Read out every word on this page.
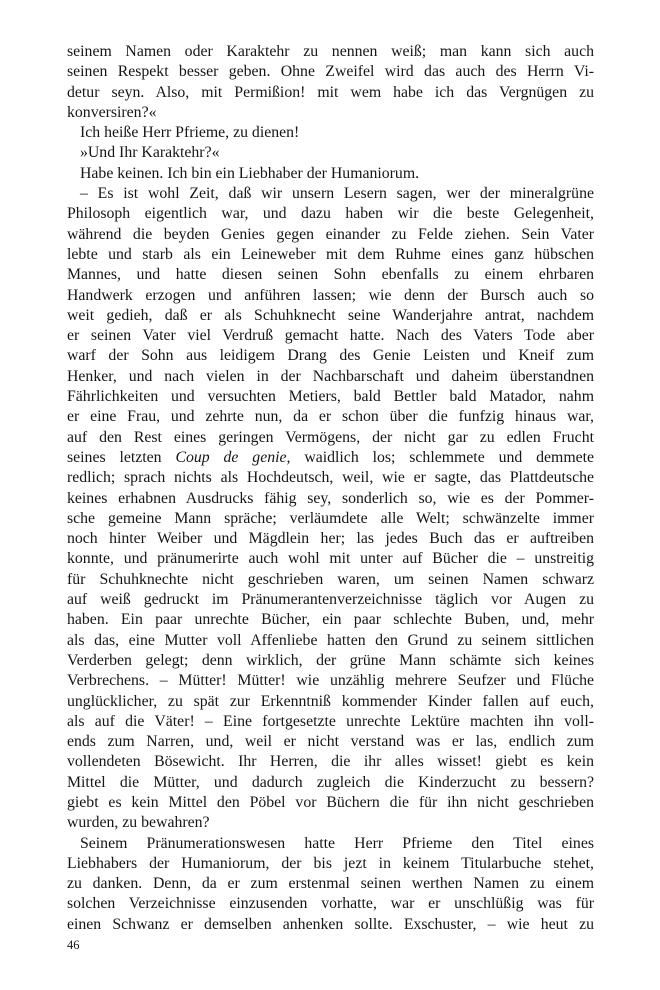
seinem Namen oder Karaktehr zu nennen weiß; man kann sich auch
seinen Respekt besser geben. Ohne Zweifel wird das auch des Herrn Vi-
detur seyn. Also, mit Permißion! mit wem habe ich das Vergnügen zu
konversiren?«
Ich heiße Herr Pfrieme, zu dienen!
»Und Ihr Karaktehr?«
Habe keinen. Ich bin ein Liebhaber der Humaniorum.
– Es ist wohl Zeit, daß wir unsern Lesern sagen, wer der mineralgrüne
Philosoph eigentlich war, und dazu haben wir die beste Gelegenheit,
während die beyden Genies gegen einander zu Felde ziehen. Sein Vater
lebte und starb als ein Leineweber mit dem Ruhme eines ganz hübschen
Mannes, und hatte diesen seinen Sohn ebenfalls zu einem ehrbaren
Handwerk erzogen und anführen lassen; wie denn der Bursch auch so
weit gedieh, daß er als Schuhknecht seine Wanderjahre antrat, nachdem
er seinen Vater viel Verdruß gemacht hatte. Nach des Vaters Tode aber
warf der Sohn aus leidigem Drang des Genie Leisten und Kneif zum
Henker, und nach vielen in der Nachbarschaft und daheim überstandnen
Fährlichkeiten und versuchten Metiers, bald Bettler bald Matador, nahm
er eine Frau, und zehrte nun, da er schon über die funfzig hinaus war,
auf den Rest eines geringen Vermögens, der nicht gar zu edlen Frucht
seines letzten Coup de genie, waidlich los; schlemmete und demmete
redlich; sprach nichts als Hochdeutsch, weil, wie er sagte, das Plattdeutsche
keines erhabnen Ausdrucks fähig sey, sonderlich so, wie es der Pommer-
sche gemeine Mann spräche; verläumdete alle Welt; schwänzelte immer
noch hinter Weiber und Mägdlein her; las jedes Buch das er auftreiben
konnte, und pränumerirte auch wohl mit unter auf Bücher die – unstreitig
für Schuhknechte nicht geschrieben waren, um seinen Namen schwarz
auf weiß gedruckt im Pränumerantenverzeichnisse täglich vor Augen zu
haben. Ein paar unrechte Bücher, ein paar schlechte Buben, und, mehr
als das, eine Mutter voll Affenliebe hatten den Grund zu seinem sittlichen
Verderben gelegt; denn wirklich, der grüne Mann schämte sich keines
Verbrechens. – Mütter! Mütter! wie unzählig mehrere Seufzer und Flüche
unglücklicher, zu spät zur Erkenntniß kommender Kinder fallen auf euch,
als auf die Väter! – Eine fortgesetzte unrechte Lektüre machten ihn voll-
ends zum Narren, und, weil er nicht verstand was er las, endlich zum
vollendeten Bösewicht. Ihr Herren, die ihr alles wisset! giebt es kein
Mittel die Mütter, und dadurch zugleich die Kinderzucht zu bessern?
giebt es kein Mittel den Pöbel vor Büchern die für ihn nicht geschrieben
wurden, zu bewahren?
Seinem Pränumerationswesen hatte Herr Pfrieme den Titel eines
Liebhabers der Humaniorum, der bis jezt in keinem Titularbuche stehet,
zu danken. Denn, da er zum erstenmal seinen werthen Namen zu einem
solchen Verzeichnisse einzusenden vorhatte, war er unschlüßig was für
einen Schwanz er demselben anhenken sollte. Exschuster, – wie heut zu
46
